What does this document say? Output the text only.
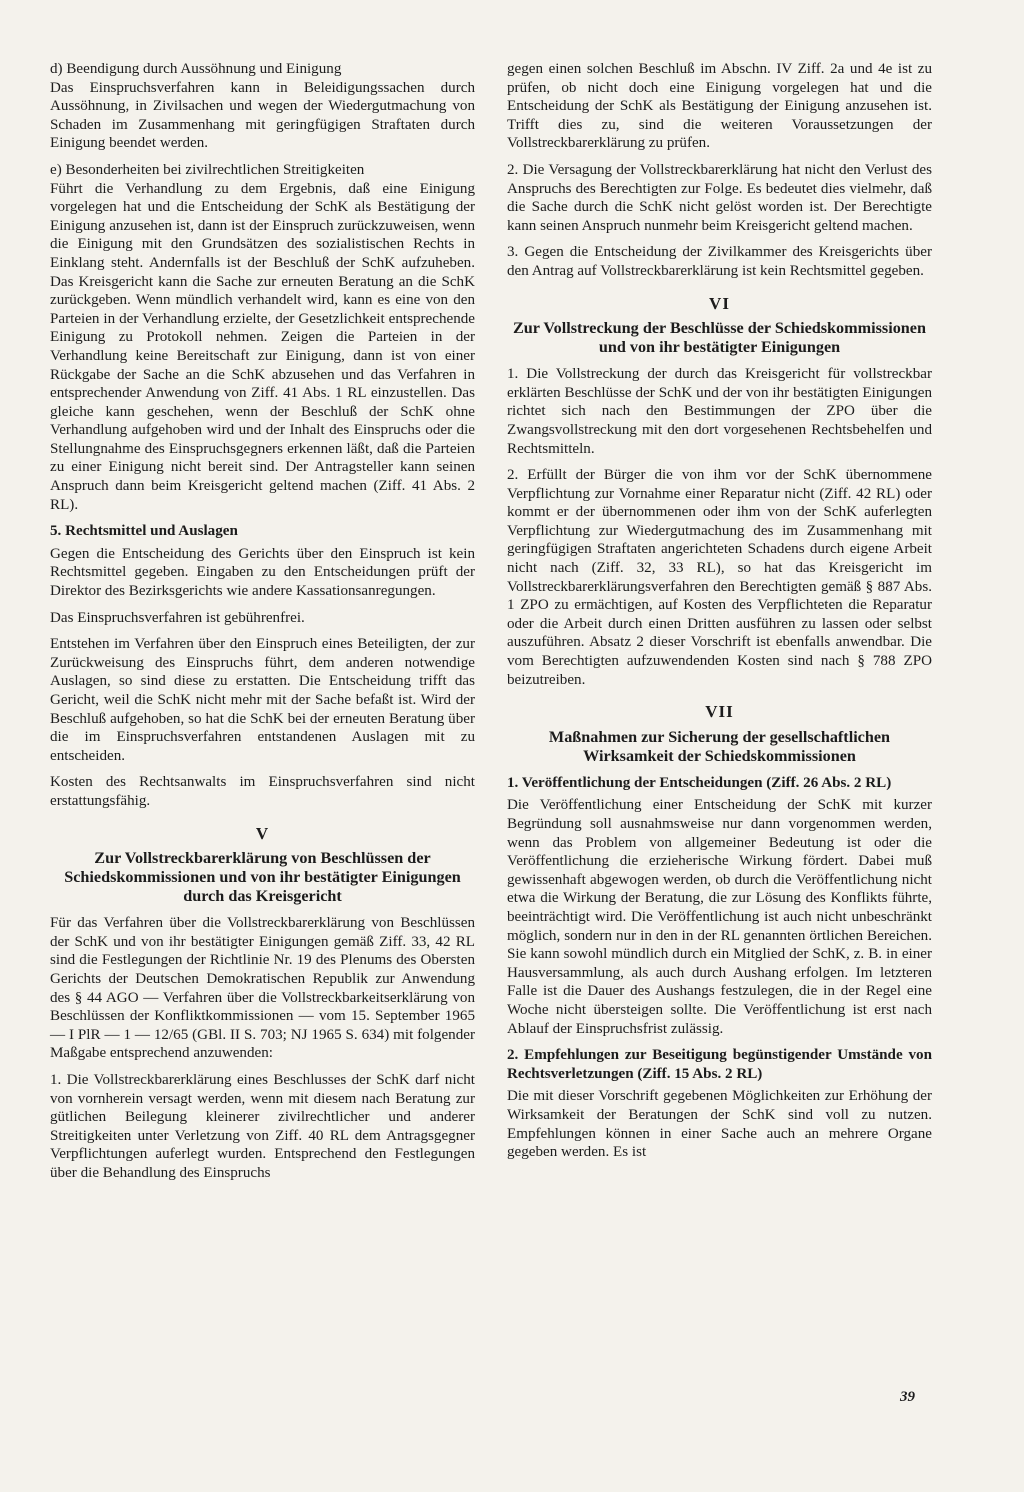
d) Beendigung durch Aussöhnung und Einigung

Das Einspruchsverfahren kann in Beleidigungssachen durch Aussöhnung, in Zivilsachen und wegen der Wiedergutmachung von Schaden im Zusammenhang mit geringfügigen Straftaten durch Einigung beendet werden.

e) Besonderheiten bei zivilrechtlichen Streitigkeiten

Führt die Verhandlung zu dem Ergebnis, daß eine Einigung vorgelegen hat und die Entscheidung der SchK als Bestätigung der Einigung anzusehen ist, dann ist der Einspruch zurückzuweisen, wenn die Einigung mit den Grundsätzen des sozialistischen Rechts in Einklang steht. Andernfalls ist der Beschluß der SchK aufzuheben. Das Kreisgericht kann die Sache zur erneuten Beratung an die SchK zurückgeben. Wenn mündlich verhandelt wird, kann es eine von den Parteien in der Verhandlung erzielte, der Gesetzlichkeit entsprechende Einigung zu Protokoll nehmen. Zeigen die Parteien in der Verhandlung keine Bereitschaft zur Einigung, dann ist von einer Rückgabe der Sache an die SchK abzusehen und das Verfahren in entsprechender Anwendung von Ziff. 41 Abs. 1 RL einzustellen. Das gleiche kann geschehen, wenn der Beschluß der SchK ohne Verhandlung aufgehoben wird und der Inhalt des Einspruchs oder die Stellungnahme des Einspruchsgegners erkennen läßt, daß die Parteien zu einer Einigung nicht bereit sind. Der Antragsteller kann seinen Anspruch dann beim Kreisgericht geltend machen (Ziff. 41 Abs. 2 RL).

5. Rechtsmittel und Auslagen

Gegen die Entscheidung des Gerichts über den Einspruch ist kein Rechtsmittel gegeben. Eingaben zu den Entscheidungen prüft der Direktor des Bezirksgerichts wie andere Kassationsanregungen.

Das Einspruchsverfahren ist gebührenfrei.

Entstehen im Verfahren über den Einspruch eines Beteiligten, der zur Zurückweisung des Einspruchs führt, dem anderen notwendige Auslagen, so sind diese zu erstatten. Die Entscheidung trifft das Gericht, weil die SchK nicht mehr mit der Sache befaßt ist. Wird der Beschluß aufgehoben, so hat die SchK bei der erneuten Beratung über die im Einspruchsverfahren entstandenen Auslagen mit zu entscheiden.

Kosten des Rechtsanwalts im Einspruchsverfahren sind nicht erstattungsfähig.

V
Zur Vollstreckbarerklärung von Beschlüssen der Schiedskommissionen und von ihr bestätigter Einigungen durch das Kreisgericht

Für das Verfahren über die Vollstreckbarerklärung von Beschlüssen der SchK und von ihr bestätigter Einigungen gemäß Ziff. 33, 42 RL sind die Festlegungen der Richtlinie Nr. 19 des Plenums des Obersten Gerichts der Deutschen Demokratischen Republik zur Anwendung des § 44 AGO — Verfahren über die Vollstreckbarkeitserklärung von Beschlüssen der Konfliktkommissionen — vom 15. September 1965 — I PlR — 1 — 12/65 (GBl. II S. 703; NJ 1965 S. 634) mit folgender Maßgabe entsprechend anzuwenden:

1. Die Vollstreckbarerklärung eines Beschlusses der SchK darf nicht von vornherein versagt werden, wenn mit diesem nach Beratung zur gütlichen Beilegung kleinerer zivilrechtlicher und anderer Streitigkeiten unter Verletzung von Ziff. 40 RL dem Antragsgegner Verpflichtungen auferlegt wurden. Entsprechend den Festlegungen über die Behandlung des Einspruchs

gegen einen solchen Beschluß im Abschn. IV Ziff. 2a und 4e ist zu prüfen, ob nicht doch eine Einigung vorgelegen hat und die Entscheidung der SchK als Bestätigung der Einigung anzusehen ist. Trifft dies zu, sind die weiteren Voraussetzungen der Vollstreckbarerklärung zu prüfen.

2. Die Versagung der Vollstreckbarerklärung hat nicht den Verlust des Anspruchs des Berechtigten zur Folge. Es bedeutet dies vielmehr, daß die Sache durch die SchK nicht gelöst worden ist. Der Berechtigte kann seinen Anspruch nunmehr beim Kreisgericht geltend machen.

3. Gegen die Entscheidung der Zivilkammer des Kreisgerichts über den Antrag auf Vollstreckbarerklärung ist kein Rechtsmittel gegeben.

VI
Zur Vollstreckung der Beschlüsse der Schiedskommissionen und von ihr bestätigter Einigungen

1. Die Vollstreckung der durch das Kreisgericht für vollstreckbar erklärten Beschlüsse der SchK und der von ihr bestätigten Einigungen richtet sich nach den Bestimmungen der ZPO über die Zwangsvollstreckung mit den dort vorgesehenen Rechtsbehelfen und Rechtsmitteln.

2. Erfüllt der Bürger die von ihm vor der SchK übernommene Verpflichtung zur Vornahme einer Reparatur nicht (Ziff. 42 RL) oder kommt er der übernommenen oder ihm von der SchK auferlegten Verpflichtung zur Wiedergutmachung des im Zusammenhang mit geringfügigen Straftaten angerichteten Schadens durch eigene Arbeit nicht nach (Ziff. 32, 33 RL), so hat das Kreisgericht im Vollstreckbarerklärungsverfahren den Berechtigten gemäß § 887 Abs. 1 ZPO zu ermächtigen, auf Kosten des Verpflichteten die Reparatur oder die Arbeit durch einen Dritten ausführen zu lassen oder selbst auszuführen. Absatz 2 dieser Vorschrift ist ebenfalls anwendbar. Die vom Berechtigten aufzuwendenden Kosten sind nach § 788 ZPO beizutreiben.

VII
Maßnahmen zur Sicherung der gesellschaftlichen Wirksamkeit der Schiedskommissionen

1. Veröffentlichung der Entscheidungen (Ziff. 26 Abs. 2 RL)

Die Veröffentlichung einer Entscheidung der SchK mit kurzer Begründung soll ausnahmsweise nur dann vorgenommen werden, wenn das Problem von allgemeiner Bedeutung ist oder die Veröffentlichung die erzieherische Wirkung fördert. Dabei muß gewissenhaft abgewogen werden, ob durch die Veröffentlichung nicht etwa die Wirkung der Beratung, die zur Lösung des Konflikts führte, beeinträchtigt wird. Die Veröffentlichung ist auch nicht unbeschränkt möglich, sondern nur in den in der RL genannten örtlichen Bereichen. Sie kann sowohl mündlich durch ein Mitglied der SchK, z. B. in einer Hausversammlung, als auch durch Aushang erfolgen. Im letzteren Falle ist die Dauer des Aushangs festzulegen, die in der Regel eine Woche nicht übersteigen sollte. Die Veröffentlichung ist erst nach Ablauf der Einspruchsfrist zulässig.

2. Empfehlungen zur Beseitigung begünstigender Umstände von Rechtsverletzungen (Ziff. 15 Abs. 2 RL)

Die mit dieser Vorschrift gegebenen Möglichkeiten zur Erhöhung der Wirksamkeit der Beratungen der SchK sind voll zu nutzen. Empfehlungen können in einer Sache auch an mehrere Organe gegeben werden. Es ist

39
